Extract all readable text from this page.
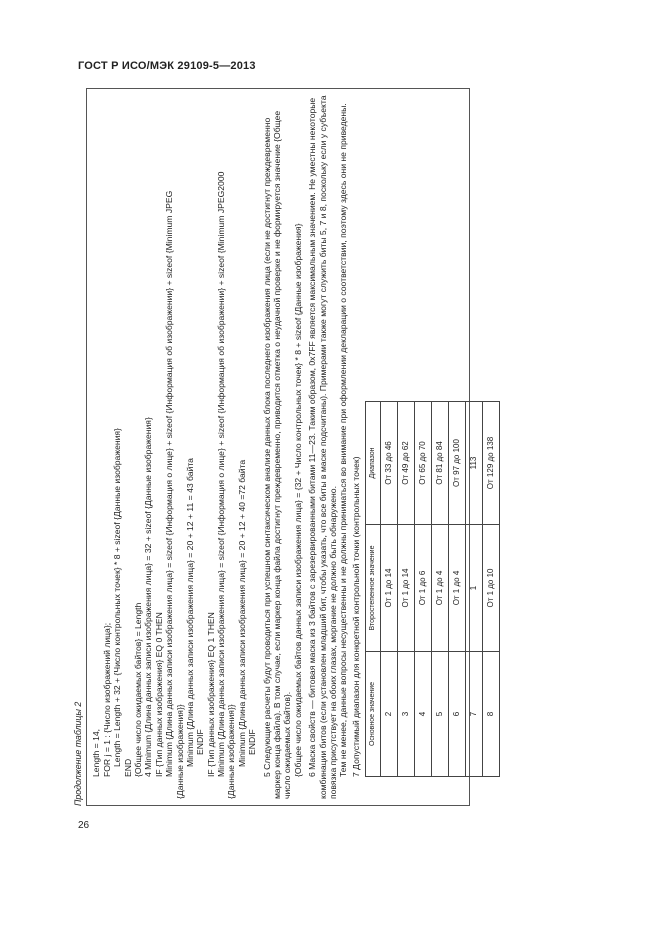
ГОСТ Р ИСО/МЭК 29109-5—2013
Продолжение таблицы 2 Length = 14, FOR j = 1 : {Число изображений лица}; Length = Length + 32 + {Число контрольных точек} * 8 + sizeof {Данные изображения}
END {Общее число ожидаемых байтов} = Length 4 Minimum {Длина данных записи изображения лица} = 32 + sizeof {Данные изображения} IF {Тип данных изображения} EQ 0 THEN Minimum {Длина данных записи изображения лица} = sizeof {Информация о лице} + sizeof {Информация об изображении} + sizeof {Minimum JPEG {Данные изображения}} Minimum {Длина данных записи изображения лица} = 20 + 12 + 11 = 43 байта ENDIF IF {Тип данных изображения} EQ 1 THEN Minimum {Длина данных записи изображения лица} = sizeof {Информация о лице} + sizeof {Информация об изображении} + sizeof {Minimum JPEG2000 {Данные изображения}} Minimum {Длина данных записи изображения лица} = 20 + 12 + 40 =72 байта ENDIF 5 Следующие расчеты будут проводиться при успешном синтаксическом анализе данных блока последнего изображения лица (если не достигнут преждевременно маркер конца файла). В том случае, если маркер конца файла достигнут преждевременно, приводится отметка о неудачной проверке и не формируется значение {Общее число ожидаемых байтов}. {Общее число ожидаемых байтов данных записи изображения лица} = {32 + Число контрольных точек} * 8 + sizeof {Данные изображения} 6 Маска свойств — битовая маска из 3 байтов с зарезервированными битами 11—23. Таким образом, 0x7FF является максимальным значением. Не уместны некоторые комбинации битов (если установлен младший бит, чтобы указать, что все биты в маске подсчитаны). Примерами также могут служить биты 5, 7 и 8, поскольку если у субъекта повязка присутствует на обоих глазах, моргание не должно быть обнаружено. Тем не менее, данные вопросы несущественны и не должны приниматься во внимание при оформлении декларации о соответствии, поэтому здесь они не приведены. 7 Допустимый диапазон для конкретной контрольной точки (контрольных точек) Основное значение	Второстепенное значение	Диапазон
2	От 1 до 14	От 33 до 46
3	От 1 до 14	От 49 до 62
4	От 1 до 6	От 65 до 70
5	От 1 до 4	От 81 до 84
6	От 1 до 4	От 97 до 100
7	1	113
8	От 1 до 10	От 129 до 138
26
